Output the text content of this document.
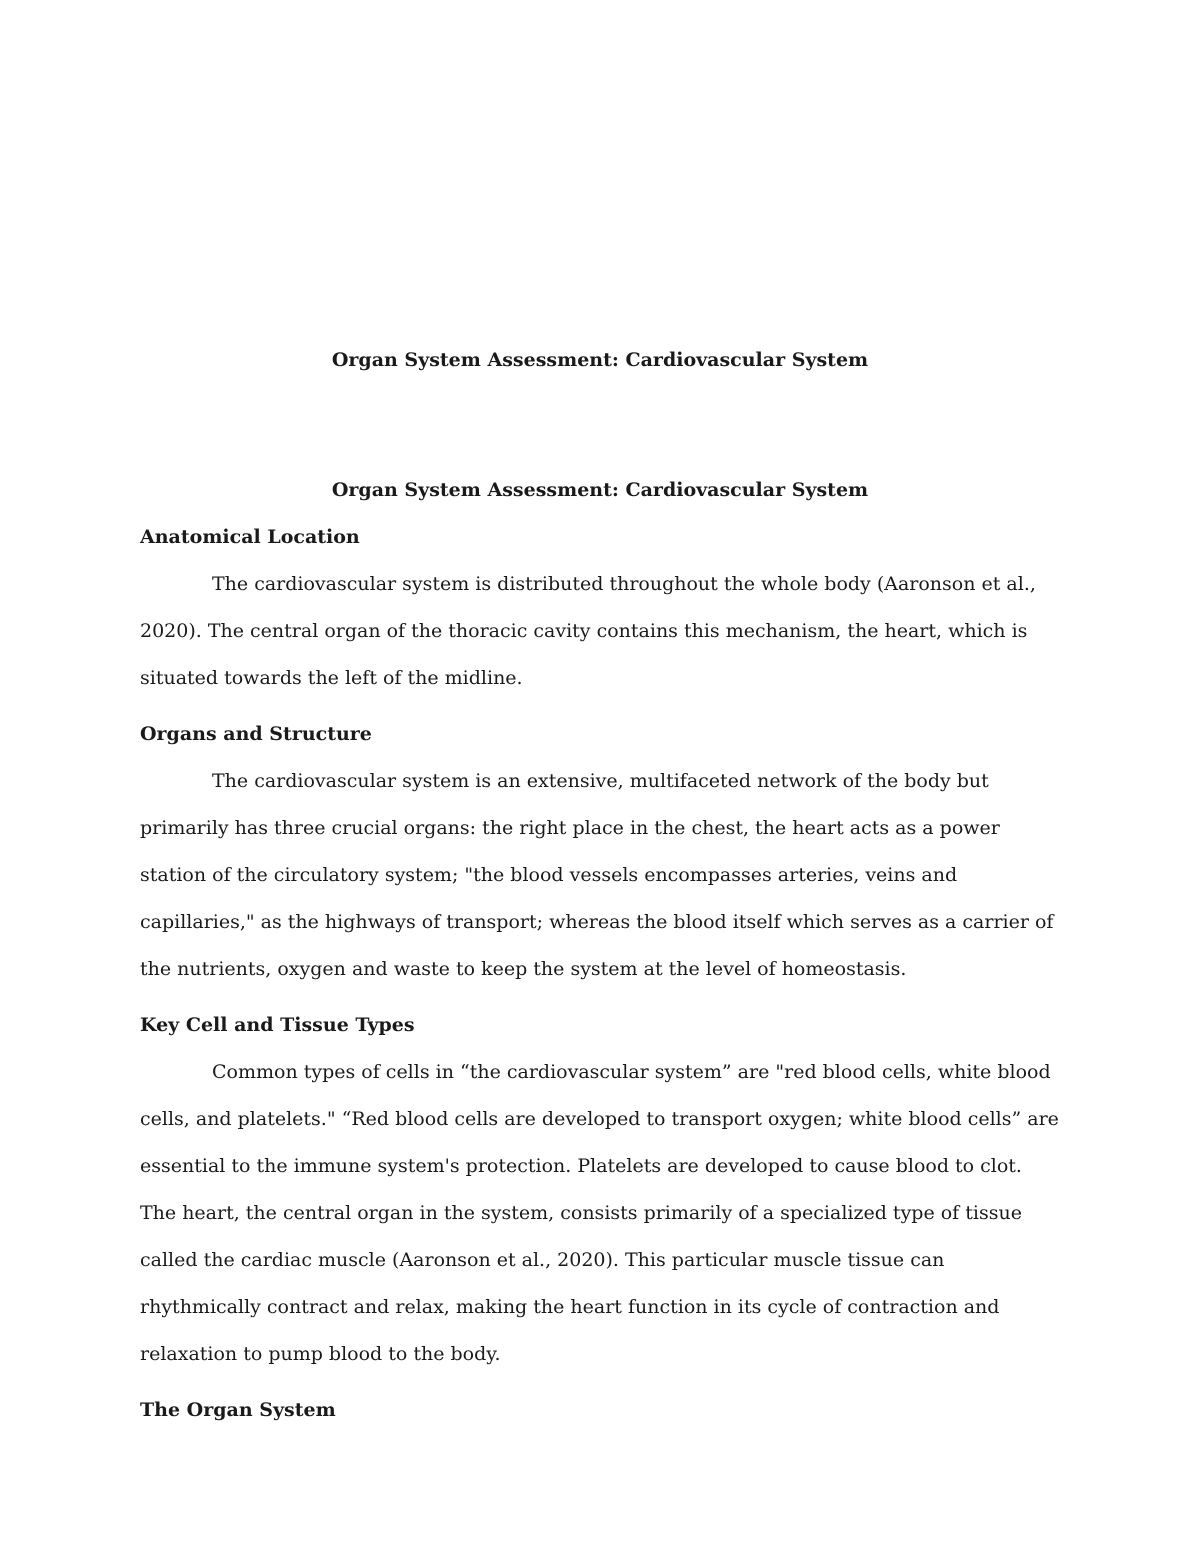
Organ System Assessment: Cardiovascular System
Organ System Assessment: Cardiovascular System
Anatomical Location

The cardiovascular system is distributed throughout the whole body (Aaronson et al., 2020). The central organ of the thoracic cavity contains this mechanism, the heart, which is situated towards the left of the midline.

Organs and Structure

The cardiovascular system is an extensive, multifaceted network of the body but primarily has three crucial organs: the right place in the chest, the heart acts as a power station of the circulatory system; "the blood vessels encompasses arteries, veins and capillaries," as the highways of transport; whereas the blood itself which serves as a carrier of the nutrients, oxygen and waste to keep the system at the level of homeostasis.

Key Cell and Tissue Types

Common types of cells in “the cardiovascular system” are "red blood cells, white blood cells, and platelets." “Red blood cells are developed to transport oxygen; white blood cells” are essential to the immune system's protection. Platelets are developed to cause blood to clot. The heart, the central organ in the system, consists primarily of a specialized type of tissue called the cardiac muscle (Aaronson et al., 2020). This particular muscle tissue can rhythmically contract and relax, making the heart function in its cycle of contraction and relaxation to pump blood to the body.

The Organ System
